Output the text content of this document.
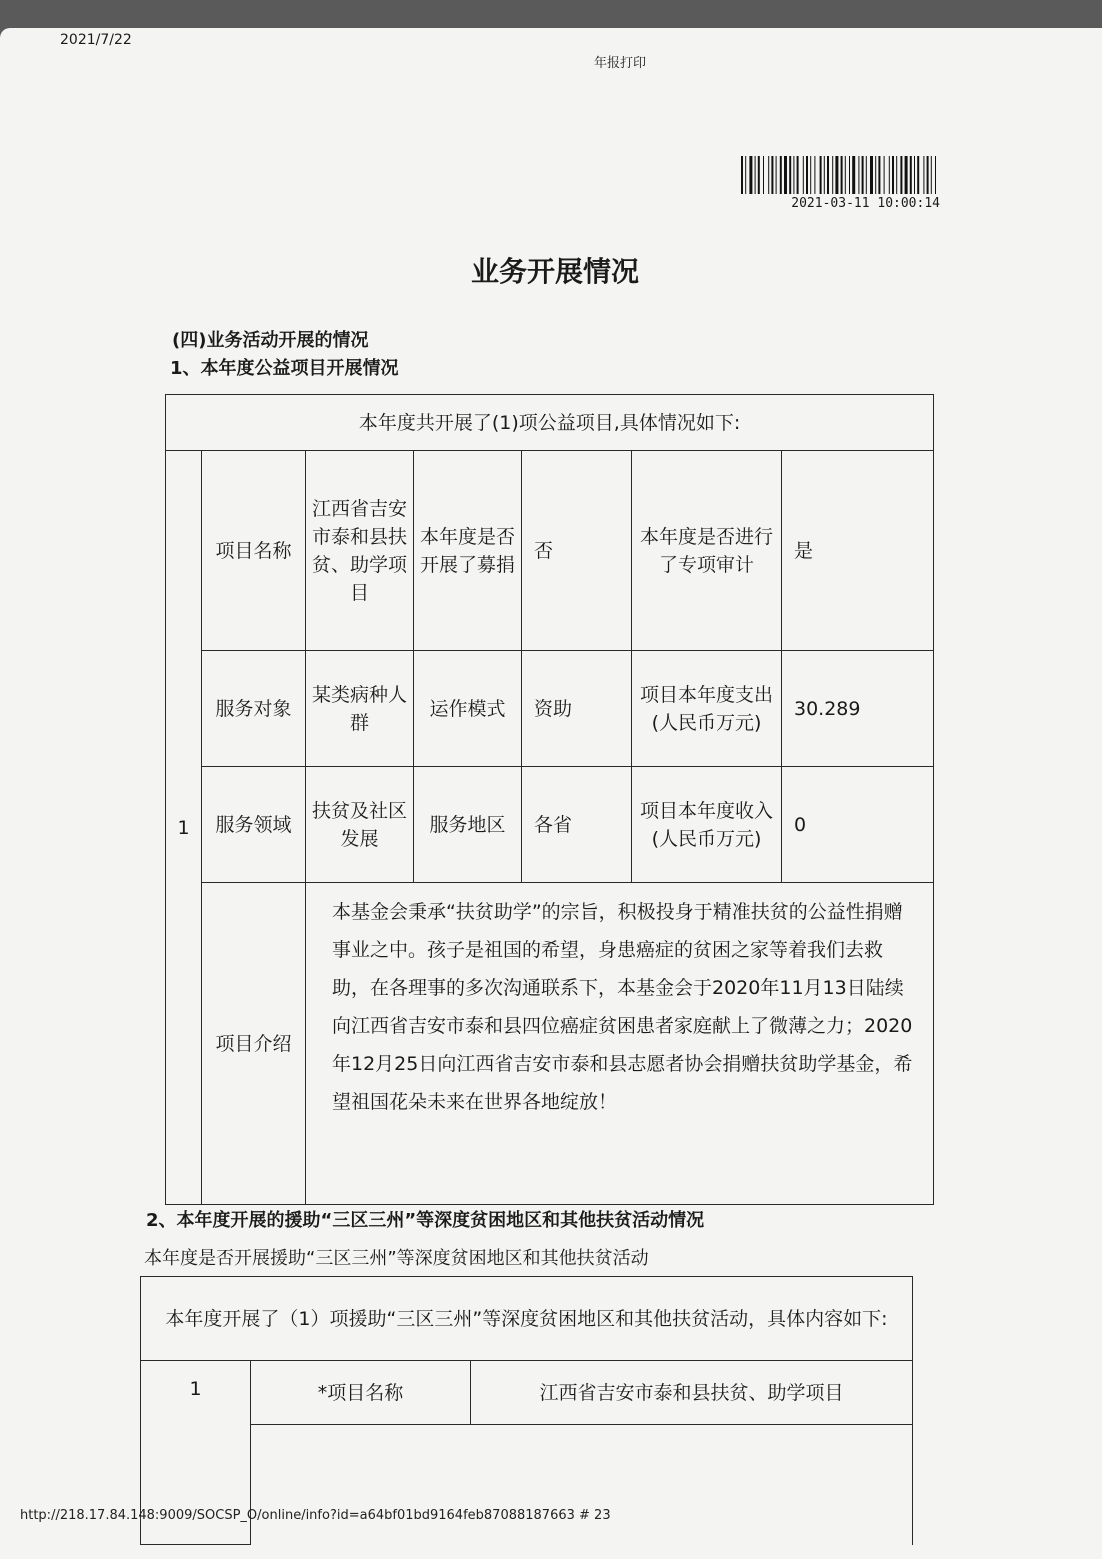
2021/7/22
年报打印
2021-03-11 10:00:14
业务开展情况
(四)业务活动开展的情况
1、本年度公益项目开展情况
本年度共开展了(1)项公益项目,具体情况如下:						
1	项目名称	江西省吉安市泰和县扶贫、助学项目	本年度是否开展了募捐	否	本年度是否进行了专项审计	是
	服务对象	某类病种人群	运作模式	资助	项目本年度支出(人民币万元)	30.289
	服务领域	扶贫及社区发展	服务地区	各省	项目本年度收入(人民币万元)	0
	项目介绍	本基金会秉承“扶贫助学”的宗旨，积极投身于精准扶贫的公益性捐赠事业之中。孩子是祖国的希望，身患癌症的贫困之家等着我们去救助，在各理事的多次沟通联系下，本基金会于2020年11月13日陆续向江西省吉安市泰和县四位癌症贫困患者家庭献上了微薄之力；2020年12月25日向江西省吉安市泰和县志愿者协会捐赠扶贫助学基金，希望祖国花朵未来在世界各地绽放！				
2、本年度开展的援助“三区三州”等深度贫困地区和其他扶贫活动情况
本年度是否开展援助“三区三州”等深度贫困地区和其他扶贫活动
本年度开展了（1）项援助“三区三州”等深度贫困地区和其他扶贫活动，具体内容如下:
1	*项目名称	江西省吉安市泰和县扶贫、助学项目

http://218.17.84.148:9009/SOCSP_O/online/info?id=a64bf01bd9164feb87088187663 # 23
